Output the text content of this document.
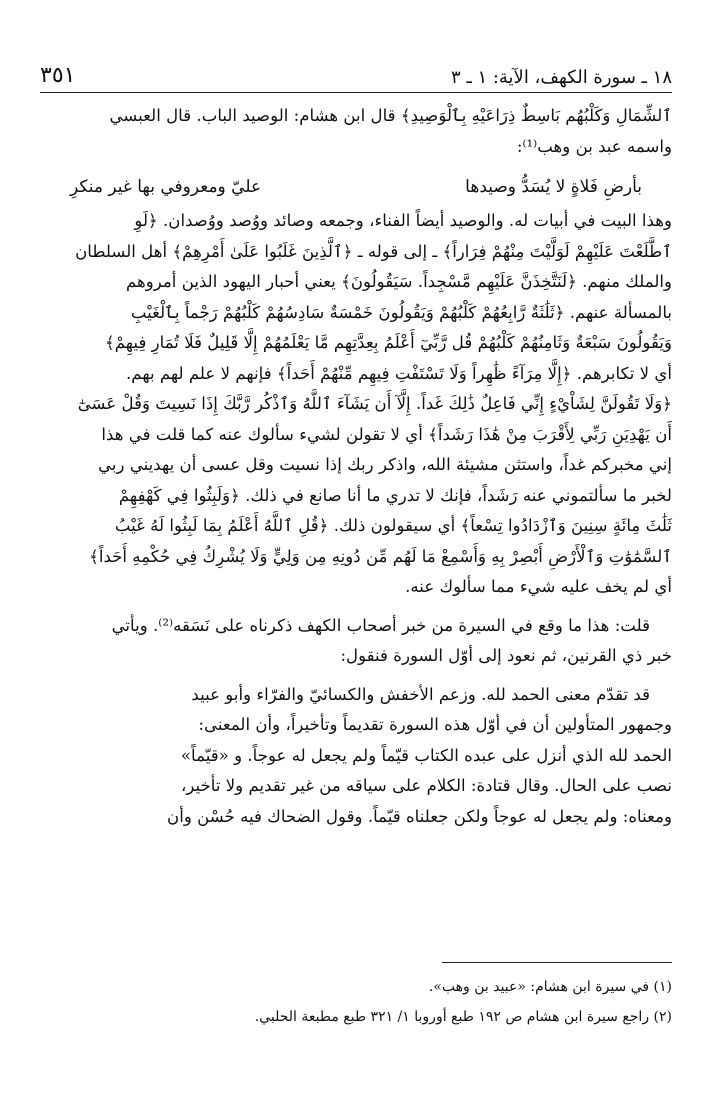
١٨ ـ سورة الكهف، الآية: ١ ـ ٣
٣٥١

ٱلشِّمَالِ وَكَلْبُهُم بَاسِطٌ ذِرَاعَيْهِ بِٱلْوَصِيدِ﴾ قال ابن هشام: الوصيد الباب. قال العبسي

واسمه عبد بن وهب⁽¹⁾:

بأرضِ فَلاةٍ لا يُسَدُّ وصيدها
عليّ ومعروفي بها غير منكرِ

وهذا البيت في أبيات له. والوصيد أيضاً الفناء، وجمعه وصائد ووُصد ووُصدان. ﴿لَوِ

ٱطَّلَعْتَ عَلَيْهِمْ لَوَلَّيْتَ مِنْهُمْ فِرَاراً﴾ ـ إلى قوله ـ ﴿ٱلَّذِينَ غَلَبُوا عَلَىٰ أَمْرِهِمْ﴾ أهل السلطان

والملك منهم. ﴿لَنَتَّخِذَنَّ عَلَيْهِم مَّسْجِداً. سَيَقُولُونَ﴾ يعني أحبار اليهود الذين أمروهم

بالمسألة عنهم. ﴿ثَلَٰثَةٌ رَّابِعُهُمْ كَلْبُهُمْ وَيَقُولُونَ خَمْسَةٌ سَادِسُهُمْ كَلْبُهُمْ رَجْماً بِٱلْغَيْبِ

وَيَقُولُونَ سَبْعَةٌ وَثَامِنُهُمْ كَلْبُهُمْ قُل رَّبِّيٓ أَعْلَمُ بِعِدَّتِهِم مَّا يَعْلَمُهُمْ إِلَّا قَلِيلٌ فَلَا تُمَارِ فِيهِمْ﴾

أي لا تكابرهم. ﴿إِلَّا مِرَآءً ظَٰهِراً وَلَا تَسْتَفْتِ فِيهِم مِّنْهُمْ أَحَداً﴾ فإنهم لا علم لهم بهم.

﴿وَلَا تَقُولَنَّ لِشَاْيْءٍ إِنِّي فَاعِلٌ ذَٰلِكَ غَداً. إِلَّآ أَن يَشَآءَ ٱللَّهُ وَٱذْكُر رَّبَّكَ إِذَا نَسِيتَ وَقُلْ عَسَىٰٓ

أَن يَهْدِيَنِ رَبِّي لِأَقْرَبَ مِنْ هَٰذَا رَشَداً﴾ أي لا تقولن لشيء سألوك عنه كما قلت في هذا

إني مخبركم غداً، واستثن مشيئة الله، واذكر ربك إذا نسيت وقل عسى أن يهديني ربي

لخبر ما سألتموني عنه رَشَداً، فإنك لا تدري ما أنا صانع في ذلك. ﴿وَلَبِثُوا فِي كَهْفِهِمْ

ثَلَٰثَ مِائَةٍ سِنِينَ وَٱزْدَادُوا تِسْعاً﴾ أي سيقولون ذلك. ﴿قُلِ ٱللَّهُ أَعْلَمُ بِمَا لَبِثُوا لَهُ غَيْبُ

ٱلسَّمَٰوَٰتِ وَٱلْأَرْضِ أَبْصِرْ بِهِ وَأَسْمِعْ مَا لَهُم مِّن دُونِهِ مِن وَلِيٍّ وَلَا يُشْرِكُ فِي حُكْمِهِ أَحَداً﴾

أي لم يخف عليه شيء مما سألوك عنه.

قلت: هذا ما وقع في السيرة من خبر أصحاب الكهف ذكرناه على نَسَقه⁽²⁾. ويأتي

خبر ذي القرنين، ثم نعود إلى أوّل السورة فنقول:

قد تقدّم معنى الحمد لله. وزعم الأخفش والكسائيّ والفرّاء وأبو عبيد

وجمهور المتأولين أن في أوّل هذه السورة تقديماً وتأخيراً، وأن المعنى:

الحمد لله الذي أنزل على عبده الكتاب قيّماً ولم يجعل له عوجاً. و «قيّماً»

نصب على الحال. وقال قتادة: الكلام على سياقه من غير تقديم ولا تأخير،

ومعناه: ولم يجعل له عوجاً ولكن جعلناه قيّماً. وقول الضحاك فيه حُسْن وأن

(١) في سيرة ابن هشام: «عبيد بن وهب».

(٢) راجع سيرة ابن هشام ص ١٩٢ طبع أوروبا ١/ ٣٢١ طبع مطبعة الحلبي.
